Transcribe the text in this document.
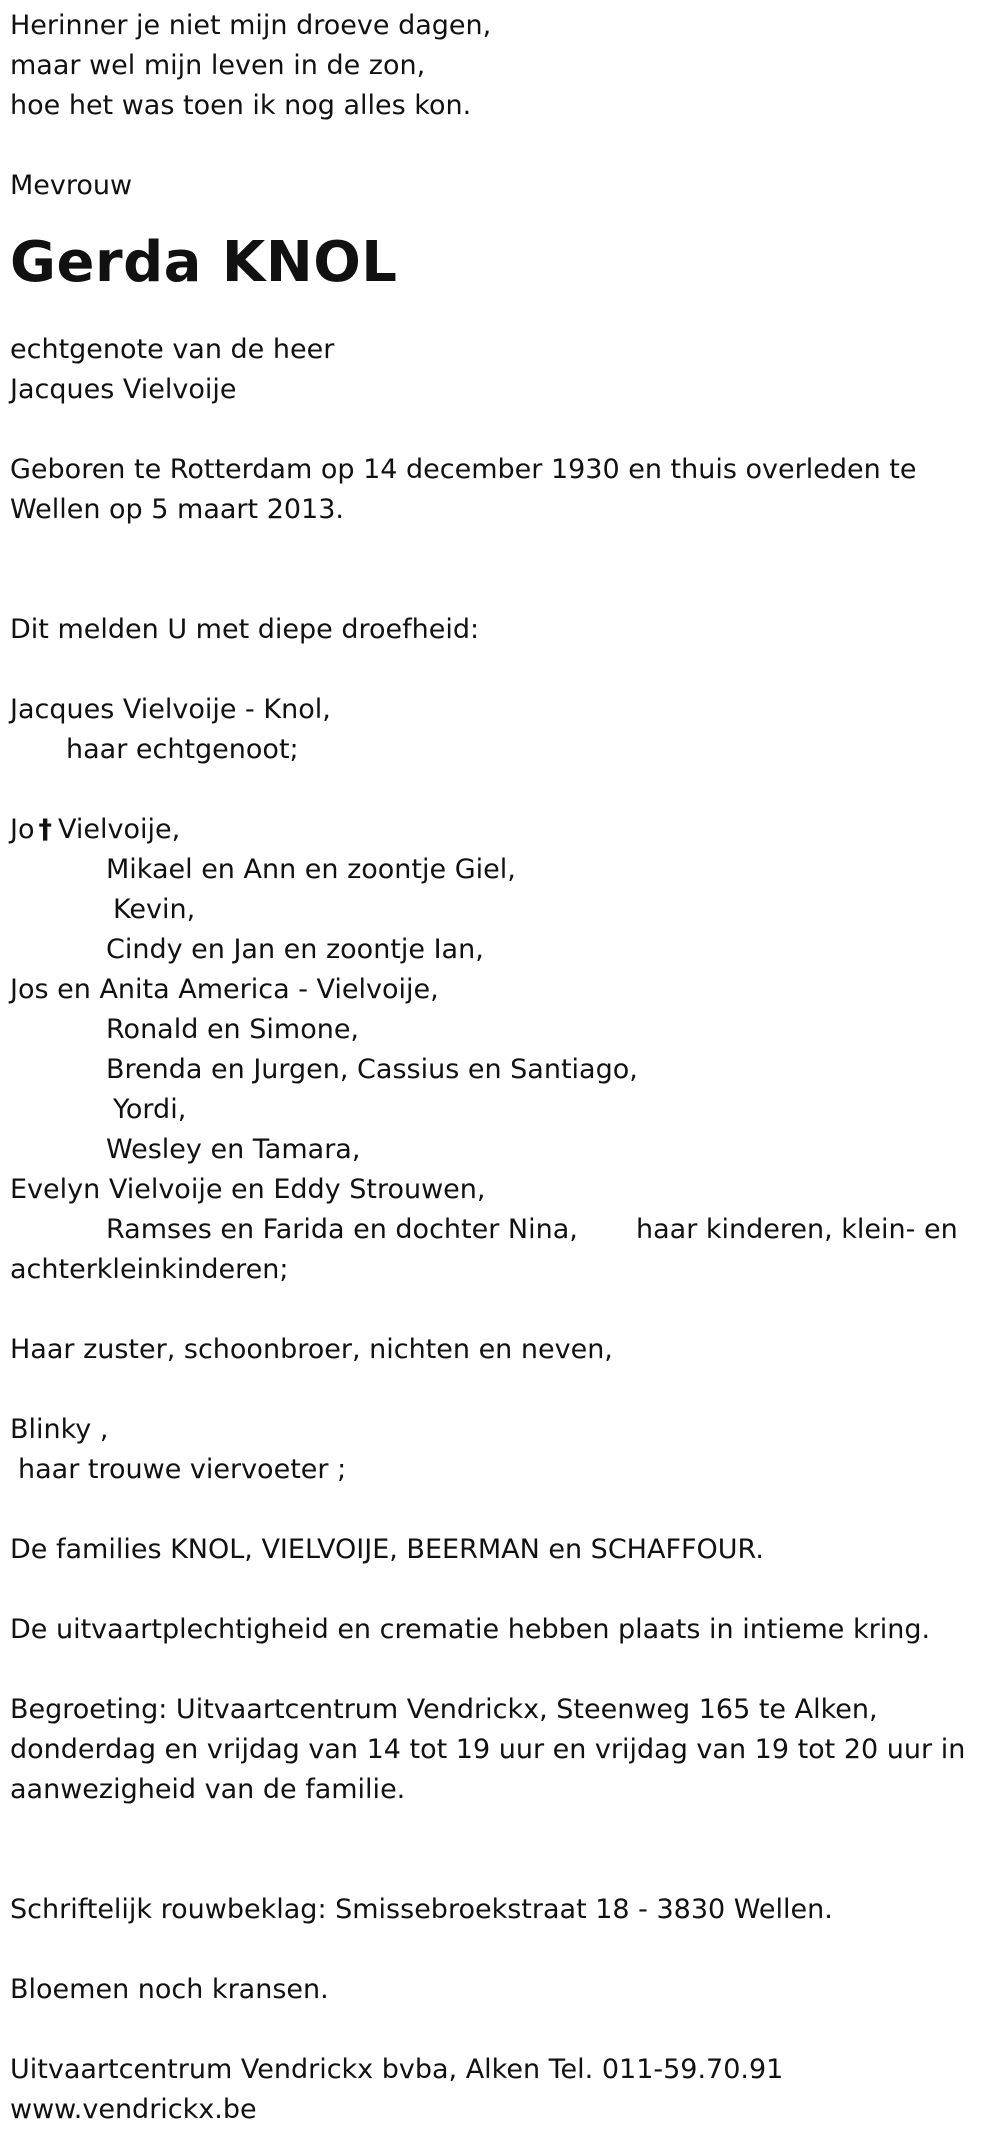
Herinner je niet mijn droeve dagen,
maar wel mijn leven in de zon,
hoe het was toen ik nog alles kon.
Mevrouw
Gerda KNOL
echtgenote van de heer
Jacques Vielvoije
Geboren te Rotterdam op 14 december 1930 en thuis overleden te
Wellen op 5 maart 2013.
Dit melden U met diepe droefheid:
Jacques Vielvoije - Knol,
haar echtgenoot;
Jo † Vielvoije,
Mikael en Ann en zoontje Giel,
Kevin,
Cindy en Jan en zoontje Ian,
Jos en Anita America - Vielvoije,
Ronald en Simone,
Brenda en Jurgen, Cassius en Santiago,
Yordi,
Wesley en Tamara,
Evelyn Vielvoije en Eddy Strouwen,
Ramses en Farida en dochter Nina, haar kinderen, klein- en
achterkleinkinderen;
Haar zuster, schoonbroer, nichten en neven,
Blinky ,
haar trouwe viervoeter ;
De families KNOL, VIELVOIJE, BEERMAN en SCHAFFOUR.
De uitvaartplechtigheid en crematie hebben plaats in intieme kring.
Begroeting: Uitvaartcentrum Vendrickx, Steenweg 165 te Alken,
donderdag en vrijdag van 14 tot 19 uur en vrijdag van 19 tot 20 uur in
aanwezigheid van de familie.
Schriftelijk rouwbeklag: Smissebroekstraat 18 - 3830 Wellen.
Bloemen noch kransen.
Uitvaartcentrum Vendrickx bvba, Alken Tel. 011-59.70.91
www.vendrickx.be
